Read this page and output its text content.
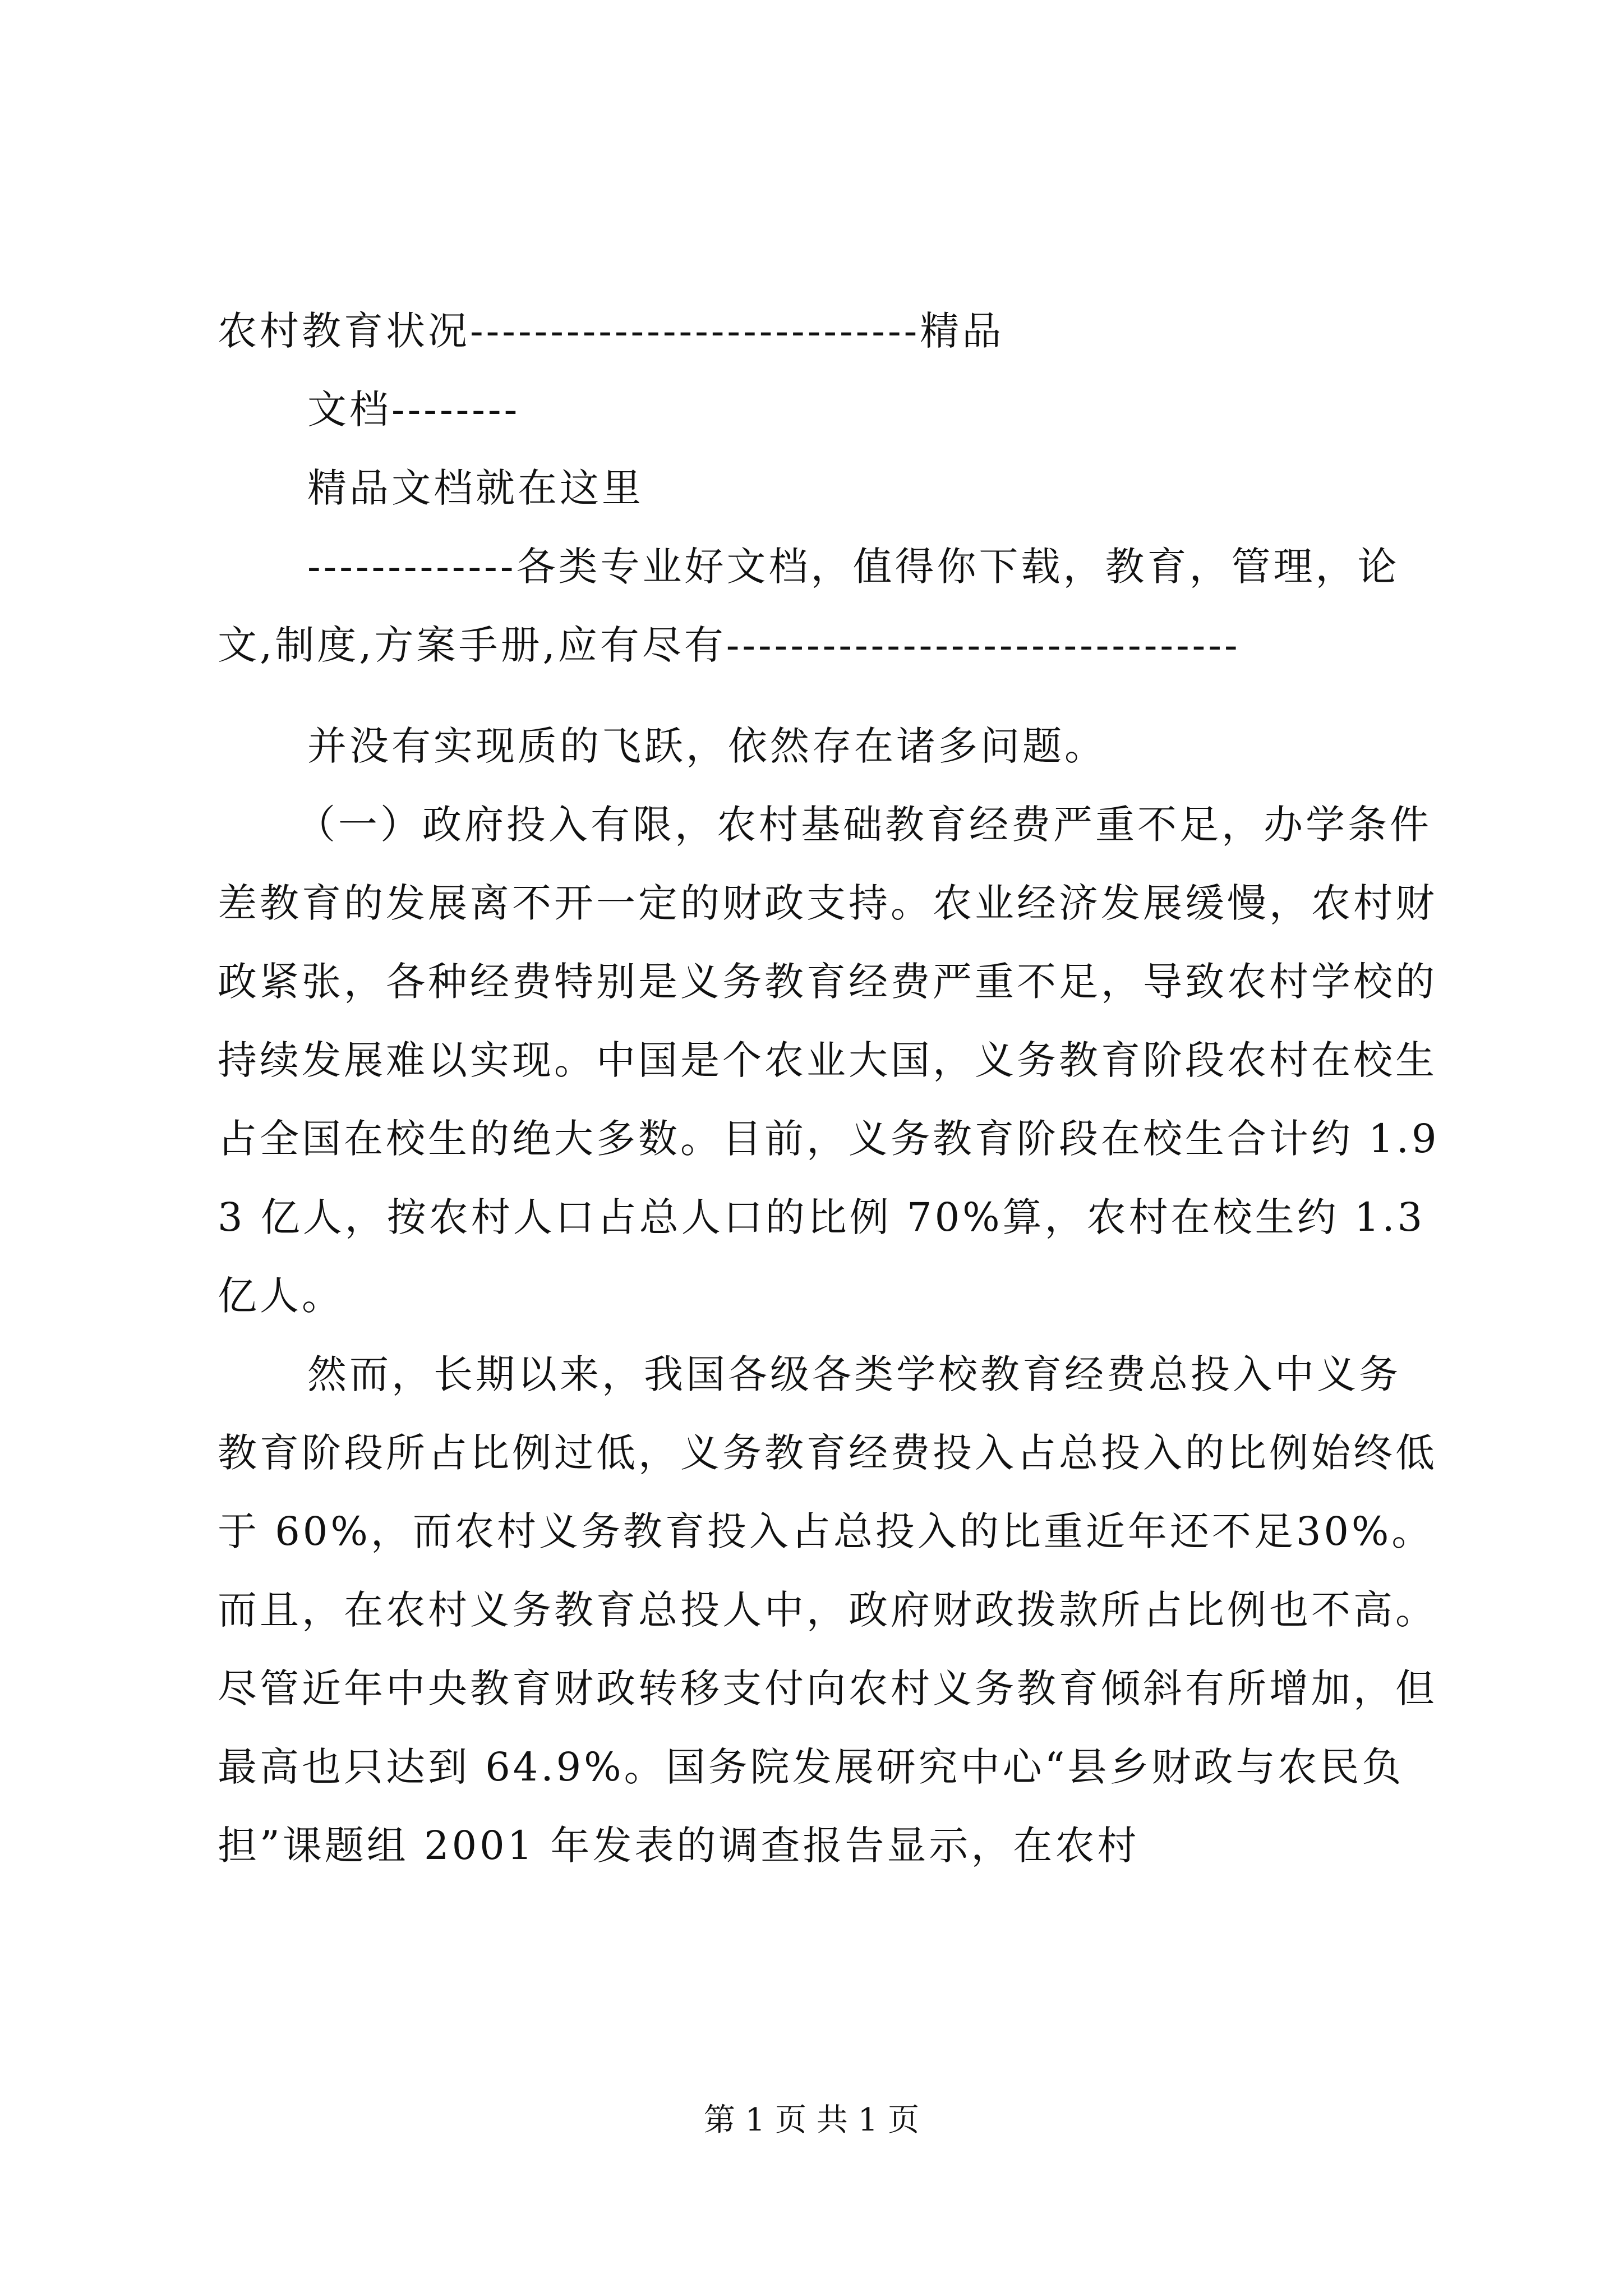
农村教育状况----------------------------精品

文档--------

精品文档就在这里

-------------各类专业好文档，值得你下载，教育，管理，论文,制度,方案手册,应有尽有--------------------------------

并没有实现质的飞跃，依然存在诸多问题。

（一）政府投入有限，农村基础教育经费严重不足，办学条件差教育的发展离不开一定的财政支持。农业经济发展缓慢，农村财政紧张，各种经费特别是义务教育经费严重不足，导致农村学校的持续发展难以实现。中国是个农业大国，义务教育阶段农村在校生占全国在校生的绝大多数。目前，义务教育阶段在校生合计约 1.93 亿人，按农村人口占总人口的比例 70%算，农村在校生约 1.3 亿人。

然而，长期以来，我国各级各类学校教育经费总投入中义务教育阶段所占比例过低，义务教育经费投入占总投入的比例始终低于 60%，而农村义务教育投入占总投入的比重近年还不足30%。而且，在农村义务教育总投人中，政府财政拨款所占比例也不高。尽管近年中央教育财政转移支付向农村义务教育倾斜有所增加，但最高也只达到 64.9%。国务院发展研究中心“县乡财政与农民负担”课题组 2001 年发表的调查报告显示，在农村

第 1 页 共 1 页
